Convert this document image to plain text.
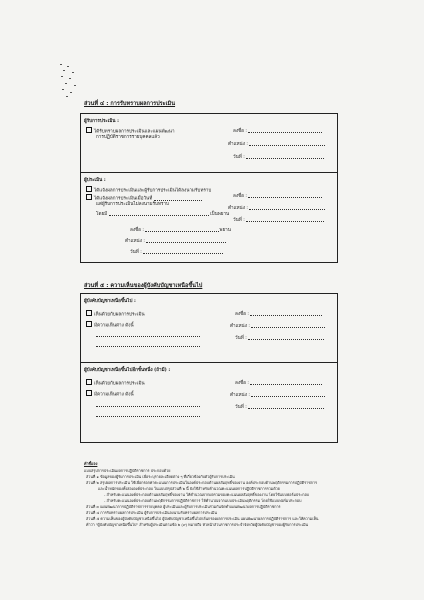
ส่วนที่ ๔ : การรับทราบผลการประเมิน
ผู้รับการประเมิน :
ได้รับทราบผลการประเมินและแผนพัฒนา
การปฏิบัติราชการรายบุคคลแล้ว
ลงชื่อ :
ตำแหน่ง :
วันที่ :
ผู้ประเมิน :
ได้แจ้งผลการประเมินและผู้รับการประเมินได้ลงนามรับทราบ
ได้แจ้งผลการประเมินเมื่อวันที่
แต่ผู้รับการประเมินไม่ลงนามรับทราบ
โดยมี	เป็นพยาน
ลงชื่อ :
ตำแหน่ง :
วันที่ :
ลงชื่อ :	พยาน
ตำแหน่ง :
วันที่ :
ส่วนที่ ๕ : ความเห็นของผู้บังคับบัญชาเหนือขึ้นไป
ผู้บังคับบัญชาเหนือขึ้นไป :
เห็นด้วยกับผลการประเมิน
มีความเห็นต่าง ดังนี้
ลงชื่อ :
ตำแหน่ง :
วันที่ :
ผู้บังคับบัญชาเหนือขึ้นไปอีกชั้นหนึ่ง (ถ้ามี) :
เห็นด้วยกับผลการประเมิน
มีความเห็นต่าง ดังนี้
ลงชื่อ :
ตำแหน่ง :
วันที่ :
คำชี้แจง
แบบสรุปการประเมินผลการปฏิบัติราชการ ประกอบด้วย
ส่วนที่ ๑ ข้อมูลของผู้รับการประเมิน เพื่อระบุรายละเอียดต่าง ๆ ที่เกี่ยวข้องกับตัวผู้รับการประเมิน
ส่วนที่ ๒ สรุปผลการประเมิน ใช้เพื่อกรอกค่าคะแนนการประเมินในองค์ประกอบด้านผลสัมฤทธิ์ของงาน องค์ประกอบด้านพฤติกรรมการปฏิบัติราชการ
และน้ำหนักของทั้งสององค์ประกอบ ในแบบสรุปส่วนที่ ๒ นี้ ยังใช้สำหรับคำนวณคะแนนผลการปฏิบัติราชการรวมด้วย
- สำหรับคะแนนองค์ประกอบด้านผลสัมฤทธิ์ของงาน ให้คำนวณจากผลรวมของคะแนนผลสัมฤทธิ์ของงาน โดยใช้แบบฟอร์มประกอบ
- สำหรับคะแนนองค์ประกอบด้านพฤติกรรมการปฏิบัติราชการ ให้คำนวณจากแบบประเมินพฤติกรรม โดยใช้แบบฟอร์มประกอบ
ส่วนที่ ๓ แผนพัฒนาการปฏิบัติราชการรายบุคคล ผู้ประเมินและผู้รับการประเมินร่วมกันจัดทำแผนพัฒนาผลการปฏิบัติราชการ
ส่วนที่ ๔ การรับทราบผลการประเมิน ผู้รับการประเมินลงนามรับทราบผลการประเมิน
ส่วนที่ ๕ ความเห็นของผู้บังคับบัญชาเหนือขึ้นไป ผู้บังคับบัญชาเหนือขึ้นไปกลั่นกรองผลการประเมิน แผนพัฒนาผลการปฏิบัติราชการ และให้ความเห็น
คำว่า "ผู้บังคับบัญชาเหนือขึ้นไป" สำหรับผู้ประเมินตามข้อ ๒ (๙) หมายถึง หัวหน้าส่วนราชการประจำจังหวัดผู้บังคับบัญชาของผู้รับการประเมิน
